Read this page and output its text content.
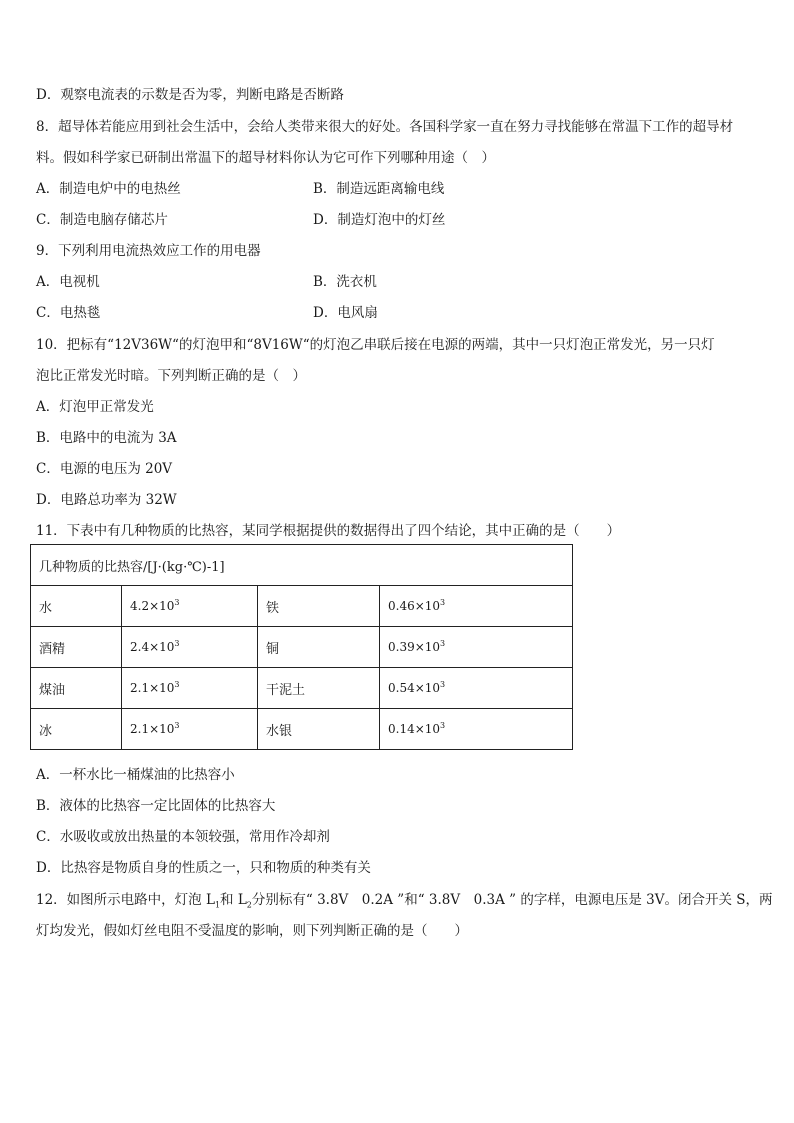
D．观察电流表的示数是否为零，判断电路是否断路
8．超导体若能应用到社会生活中，会给人类带来很大的好处。各国科学家一直在努力寻找能够在常温下工作的超导材
料。假如科学家已研制出常温下的超导材料你认为它可作下列哪种用途（　）
A．制造电炉中的电热丝	B．制造远距离输电线
C．制造电脑存储芯片	D．制造灯泡中的灯丝
9．下列利用电流热效应工作的用电器
A．电视机	B．洗衣机
C．电热毯	D．电风扇
10．把标有“12V36W“的灯泡甲和“8V16W“的灯泡乙串联后接在电源的两端，其中一只灯泡正常发光，另一只灯
泡比正常发光时暗。下列判断正确的是（　）
A．灯泡甲正常发光
B．电路中的电流为 3A
C．电源的电压为 20V
D．电路总功率为 32W
11．下表中有几种物质的比热容，某同学根据提供的数据得出了四个结论，其中正确的是（　　）
几种物质的比热容/[J·(kg·℃)-1]			
水	$4.2\times 10^3$	铁	$0.46\times 10^3$
酒精	$2.4\times 10^3$	铜	$0.39\times 10^3$
煤油	$2.1\times 10^3$	干泥土	$0.54\times 10^3$
冰	$2.1\times 10^3$	水银	$0.14\times 10^3$
A．一杯水比一桶煤油的比热容小
B．液体的比热容一定比固体的比热容大
C．水吸收或放出热量的本领较强，常用作冷却剂
D．比热容是物质自身的性质之一，只和物质的种类有关
12．如图所示电路中，灯泡 $L_1$和 $L_2$分别标有“ 3.8V　0.2A ”和“ 3.8V　0.3A ” 的字样，电源电压是 3V。闭合开关 S，两
灯均发光，假如灯丝电阻不受温度的影响，则下列判断正确的是（　　）
